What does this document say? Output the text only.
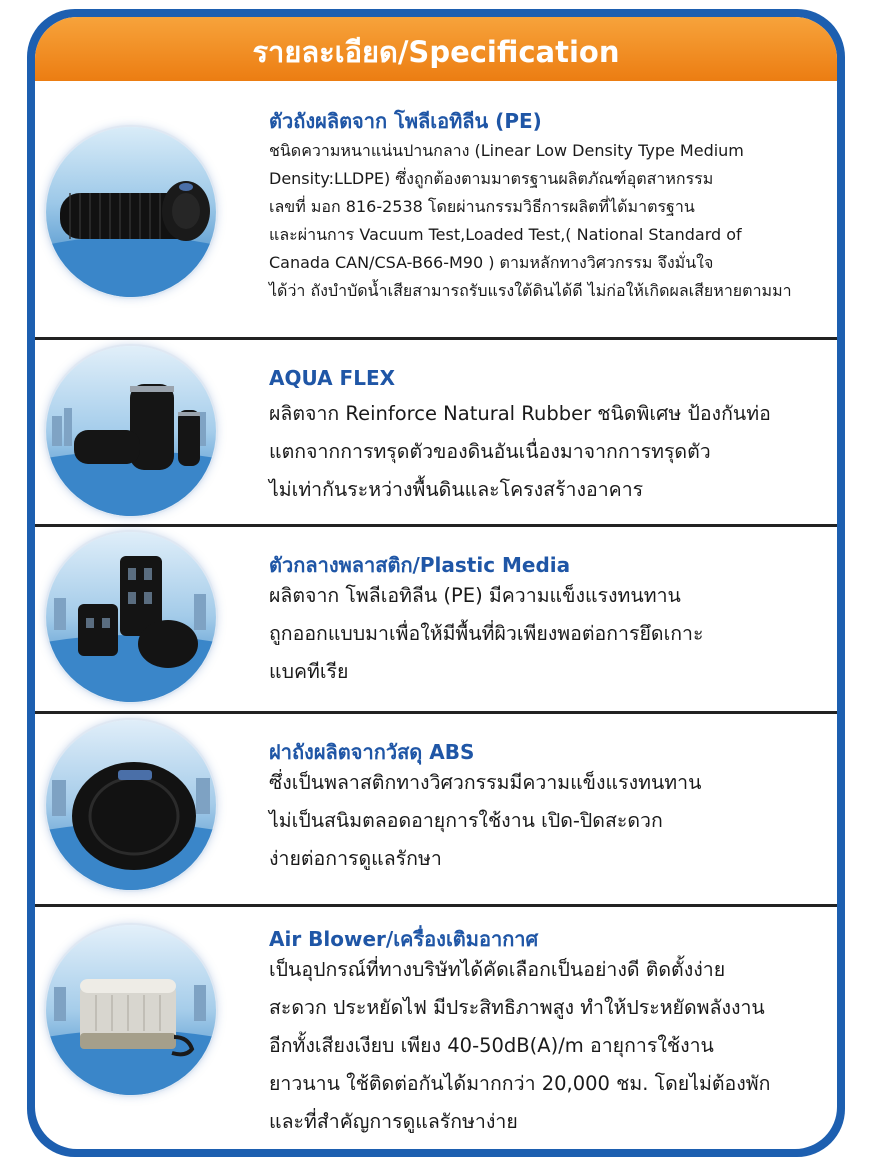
รายละเอียด/Specification
ตัวถังผลิตจาก โพลีเอทิลีน (PE)
ชนิดความหนาแน่นปานกลาง (Linear Low Density Type Medium
Density:LLDPE) ซึ่งถูกต้องตามมาตรฐานผลิตภัณฑ์อุตสาหกรรม
เลขที่ มอก 816-2538 โดยผ่านกรรมวิธีการผลิตที่ได้มาตรฐาน
และผ่านการ Vacuum Test,Loaded Test,( National Standard of
Canada CAN/CSA-B66-M90 ) ตามหลักทางวิศวกรรม จึงมั่นใจ
ได้ว่า ถังบำบัดน้ำเสียสามารถรับแรงใต้ดินได้ดี ไม่ก่อให้เกิดผลเสียหายตามมา
AQUA FLEX
ผลิตจาก Reinforce Natural Rubber ชนิดพิเศษ ป้องกันท่อ
แตกจากการทรุดตัวของดินอันเนื่องมาจากการทรุดตัว
ไม่เท่ากันระหว่างพื้นดินและโครงสร้างอาคาร
ตัวกลางพลาสติก/Plastic Media
ผลิตจาก โพลีเอทิลีน (PE) มีความแข็งแรงทนทาน
ถูกออกแบบมาเพื่อให้มีพื้นที่ผิวเพียงพอต่อการยึดเกาะ
แบคทีเรีย
ฝาถังผลิตจากวัสดุ ABS
ซึ่งเป็นพลาสติกทางวิศวกรรมมีความแข็งแรงทนทาน
ไม่เป็นสนิมตลอดอายุการใช้งาน เปิด-ปิดสะดวก
ง่ายต่อการดูแลรักษา
Air Blower/เครื่องเติมอากาศ
เป็นอุปกรณ์ที่ทางบริษัทได้คัดเลือกเป็นอย่างดี ติดตั้งง่าย
สะดวก ประหยัดไฟ มีประสิทธิภาพสูง ทำให้ประหยัดพลังงาน
อีกทั้งเสียงเงียบ เพียง 40-50dB(A)/m อายุการใช้งาน
ยาวนาน ใช้ติดต่อกันได้มากกว่า 20,000 ชม. โดยไม่ต้องพัก
และที่สำคัญการดูแลรักษาง่าย
